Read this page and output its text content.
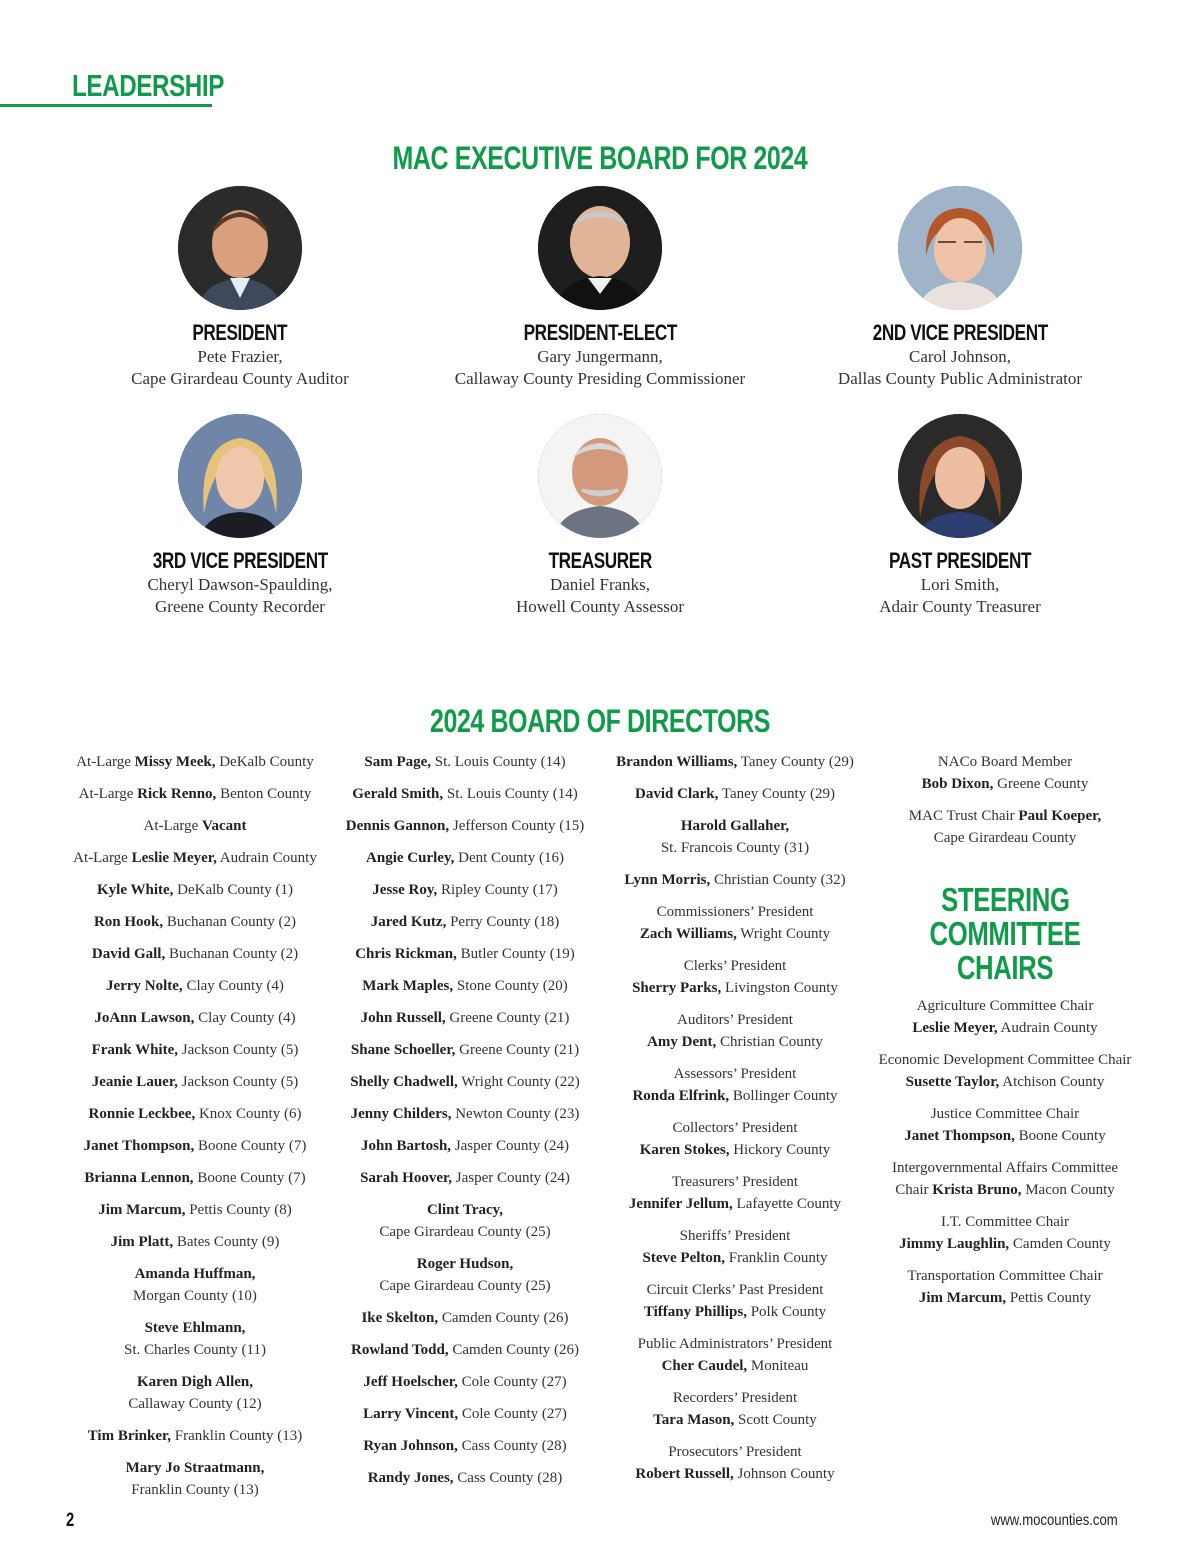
LEADERSHIP
MAC EXECUTIVE BOARD FOR 2024
PRESIDENT
Pete Frazier,
Cape Girardeau County Auditor
PRESIDENT-ELECT
Gary Jungermann,
Callaway County Presiding Commissioner
2ND VICE PRESIDENT
Carol Johnson,
Dallas County Public Administrator
3RD VICE PRESIDENT
Cheryl Dawson-Spaulding,
Greene County Recorder
TREASURER
Daniel Franks,
Howell County Assessor
PAST PRESIDENT
Lori Smith,
Adair County Treasurer
2024 BOARD OF DIRECTORS
At-Large Missy Meek, DeKalb County
At-Large Rick Renno, Benton County
At-Large Vacant
At-Large Leslie Meyer, Audrain County
Kyle White, DeKalb County (1)
Ron Hook, Buchanan County (2)
David Gall, Buchanan County (2)
Jerry Nolte, Clay County (4)
JoAnn Lawson, Clay County (4)
Frank White, Jackson County (5)
Jeanie Lauer, Jackson County (5)
Ronnie Leckbee, Knox County (6)
Janet Thompson, Boone County (7)
Brianna Lennon, Boone County (7)
Jim Marcum, Pettis County (8)
Jim Platt, Bates County (9)
Amanda Huffman,
Morgan County (10)
Steve Ehlmann,
St. Charles County (11)
Karen Digh Allen,
Callaway County (12)
Tim Brinker, Franklin County (13)
Mary Jo Straatmann,
Franklin County (13)
Sam Page, St. Louis County (14)
Gerald Smith, St. Louis County (14)
Dennis Gannon, Jefferson County (15)
Angie Curley, Dent County (16)
Jesse Roy, Ripley County (17)
Jared Kutz, Perry County (18)
Chris Rickman, Butler County (19)
Mark Maples, Stone County (20)
John Russell, Greene County (21)
Shane Schoeller, Greene County (21)
Shelly Chadwell, Wright County (22)
Jenny Childers, Newton County (23)
John Bartosh, Jasper County (24)
Sarah Hoover, Jasper County (24)
Clint Tracy,
Cape Girardeau County (25)
Roger Hudson,
Cape Girardeau County (25)
Ike Skelton, Camden County (26)
Rowland Todd, Camden County (26)
Jeff Hoelscher, Cole County (27)
Larry Vincent, Cole County (27)
Ryan Johnson, Cass County (28)
Randy Jones, Cass County (28)
Brandon Williams, Taney County (29)
David Clark, Taney County (29)
Harold Gallaher,
St. Francois County (31)
Lynn Morris, Christian County (32)
Commissioners’ President
Zach Williams, Wright County
Clerks’ President
Sherry Parks, Livingston County
Auditors’ President
Amy Dent, Christian County
Assessors’ President
Ronda Elfrink, Bollinger County
Collectors’ President
Karen Stokes, Hickory County
Treasurers’ President
Jennifer Jellum, Lafayette County
Sheriffs’ President
Steve Pelton, Franklin County
Circuit Clerks’ Past President
Tiffany Phillips, Polk County
Public Administrators’ President
Cher Caudel, Moniteau
Recorders’ President
Tara Mason, Scott County
Prosecutors’ President
Robert Russell, Johnson County
NACo Board Member
Bob Dixon, Greene County
MAC Trust Chair Paul Koeper,
Cape Girardeau County
STEERING
COMMITTEE CHAIRS
Agriculture Committee Chair
Leslie Meyer, Audrain County
Economic Development Committee Chair
Susette Taylor, Atchison County
Justice Committee Chair
Janet Thompson, Boone County
Intergovernmental Affairs Committee
Chair Krista Bruno, Macon County
I.T. Committee Chair
Jimmy Laughlin, Camden County
Transportation Committee Chair
Jim Marcum, Pettis County
2	www.mocounties.com
